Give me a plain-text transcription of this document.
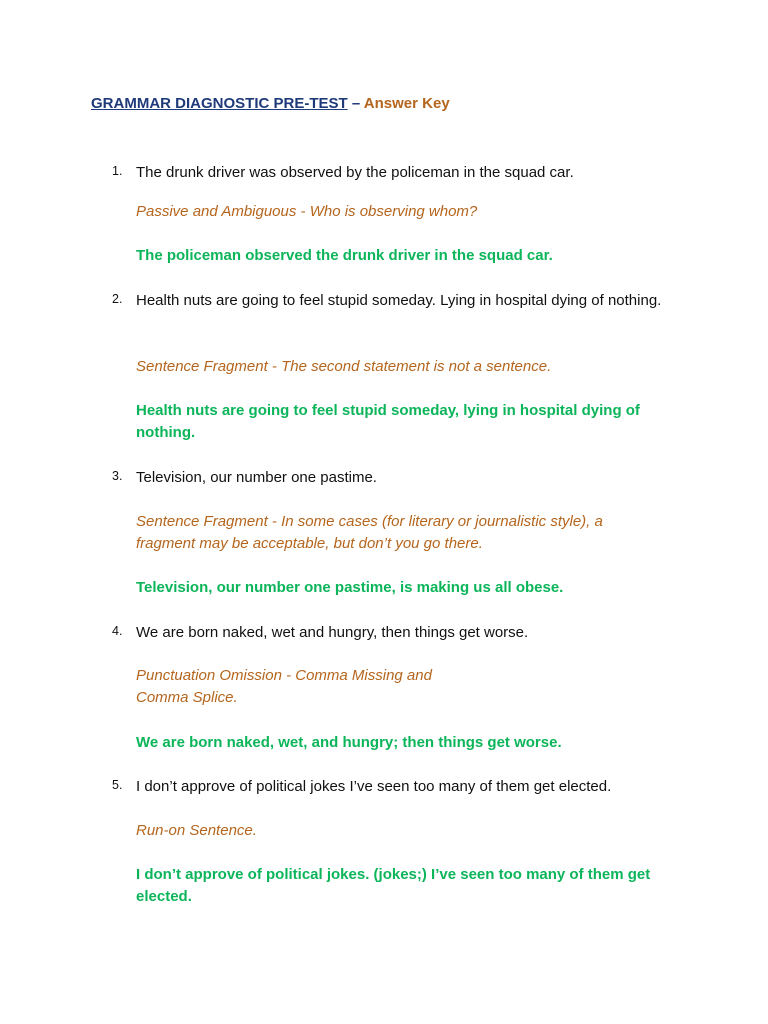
GRAMMAR DIAGNOSTIC PRE-TEST – Answer Key
1. The drunk driver was observed by the policeman in the squad car.
Passive and Ambiguous - Who is observing whom?
The policeman observed the drunk driver in the squad car.
2. Health nuts are going to feel stupid someday. Lying in hospital dying of nothing.
Sentence Fragment - The second statement is not a sentence.
Health nuts are going to feel stupid someday, lying in hospital dying of nothing.
3. Television, our number one pastime.
Sentence Fragment - In some cases (for literary or journalistic style), a fragment may be acceptable, but don’t you go there.
Television, our number one pastime, is making us all obese.
4. We are born naked, wet and hungry, then things get worse.
Punctuation Omission - Comma Missing and
Comma Splice.
We are born naked, wet, and hungry; then things get worse.
5. I don’t approve of political jokes I’ve seen too many of them get elected.
Run-on Sentence.
I don’t approve of political jokes. (jokes;) I’ve seen too many of them get elected.
